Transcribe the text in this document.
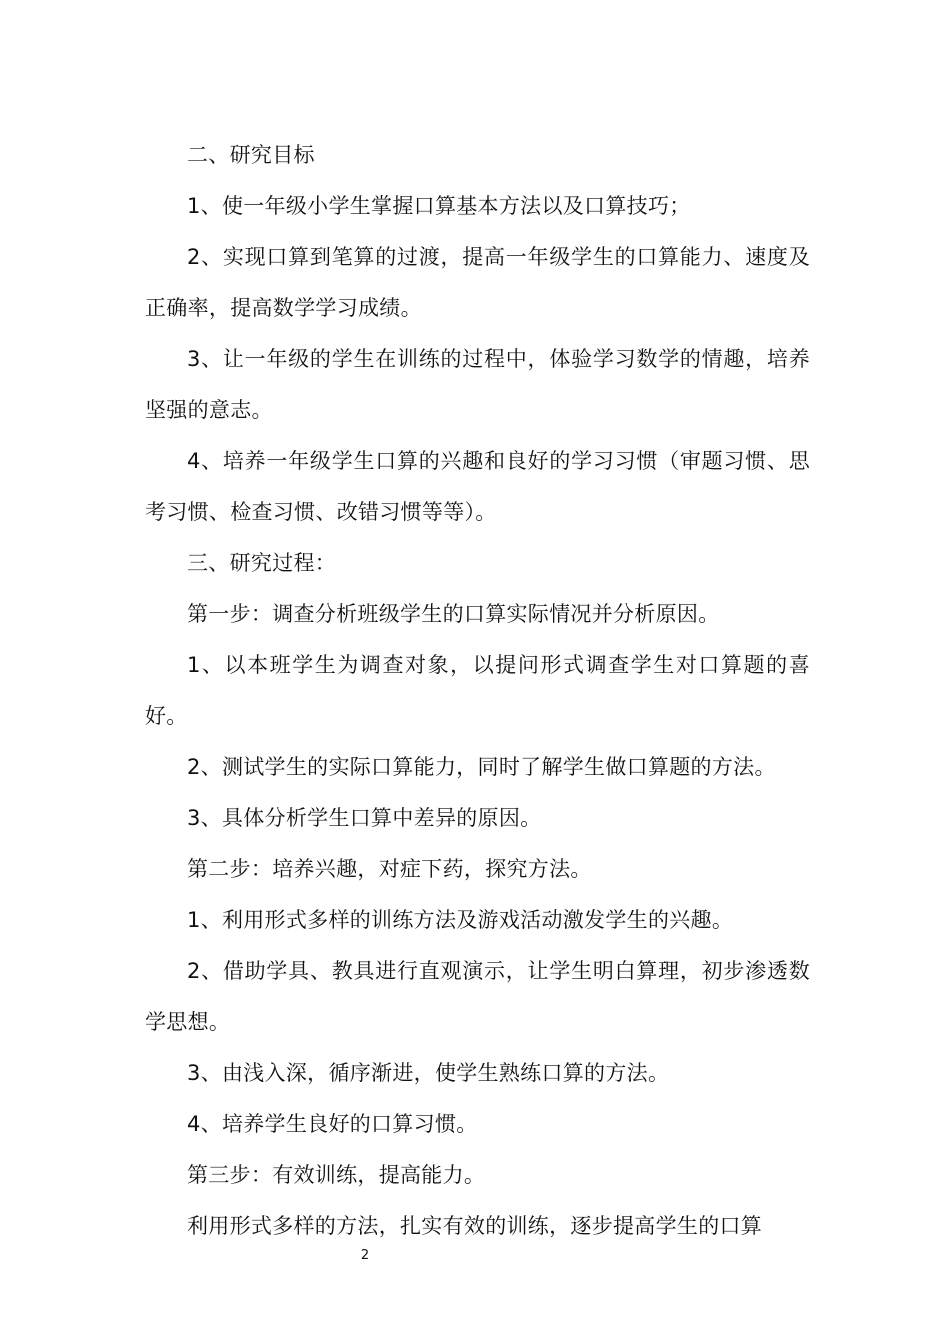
二、研究目标

1、使一年级小学生掌握口算基本方法以及口算技巧；

2、实现口算到笔算的过渡，提高一年级学生的口算能力、速度及正确率，提高数学学习成绩。

3、让一年级的学生在训练的过程中，体验学习数学的情趣，培养坚强的意志。

4、培养一年级学生口算的兴趣和良好的学习习惯（审题习惯、思考习惯、检查习惯、改错习惯等等）。

三、研究过程：

第一步：调查分析班级学生的口算实际情况并分析原因。

1、以本班学生为调查对象，以提问形式调查学生对口算题的喜好。

2、测试学生的实际口算能力，同时了解学生做口算题的方法。

3、具体分析学生口算中差异的原因。

第二步：培养兴趣，对症下药，探究方法。

1、利用形式多样的训练方法及游戏活动激发学生的兴趣。

2、借助学具、教具进行直观演示，让学生明白算理，初步渗透数学思想。

3、由浅入深，循序渐进，使学生熟练口算的方法。

4、培养学生良好的口算习惯。

第三步：有效训练，提高能力。

利用形式多样的方法，扎实有效的训练，逐步提高学生的口算

2
